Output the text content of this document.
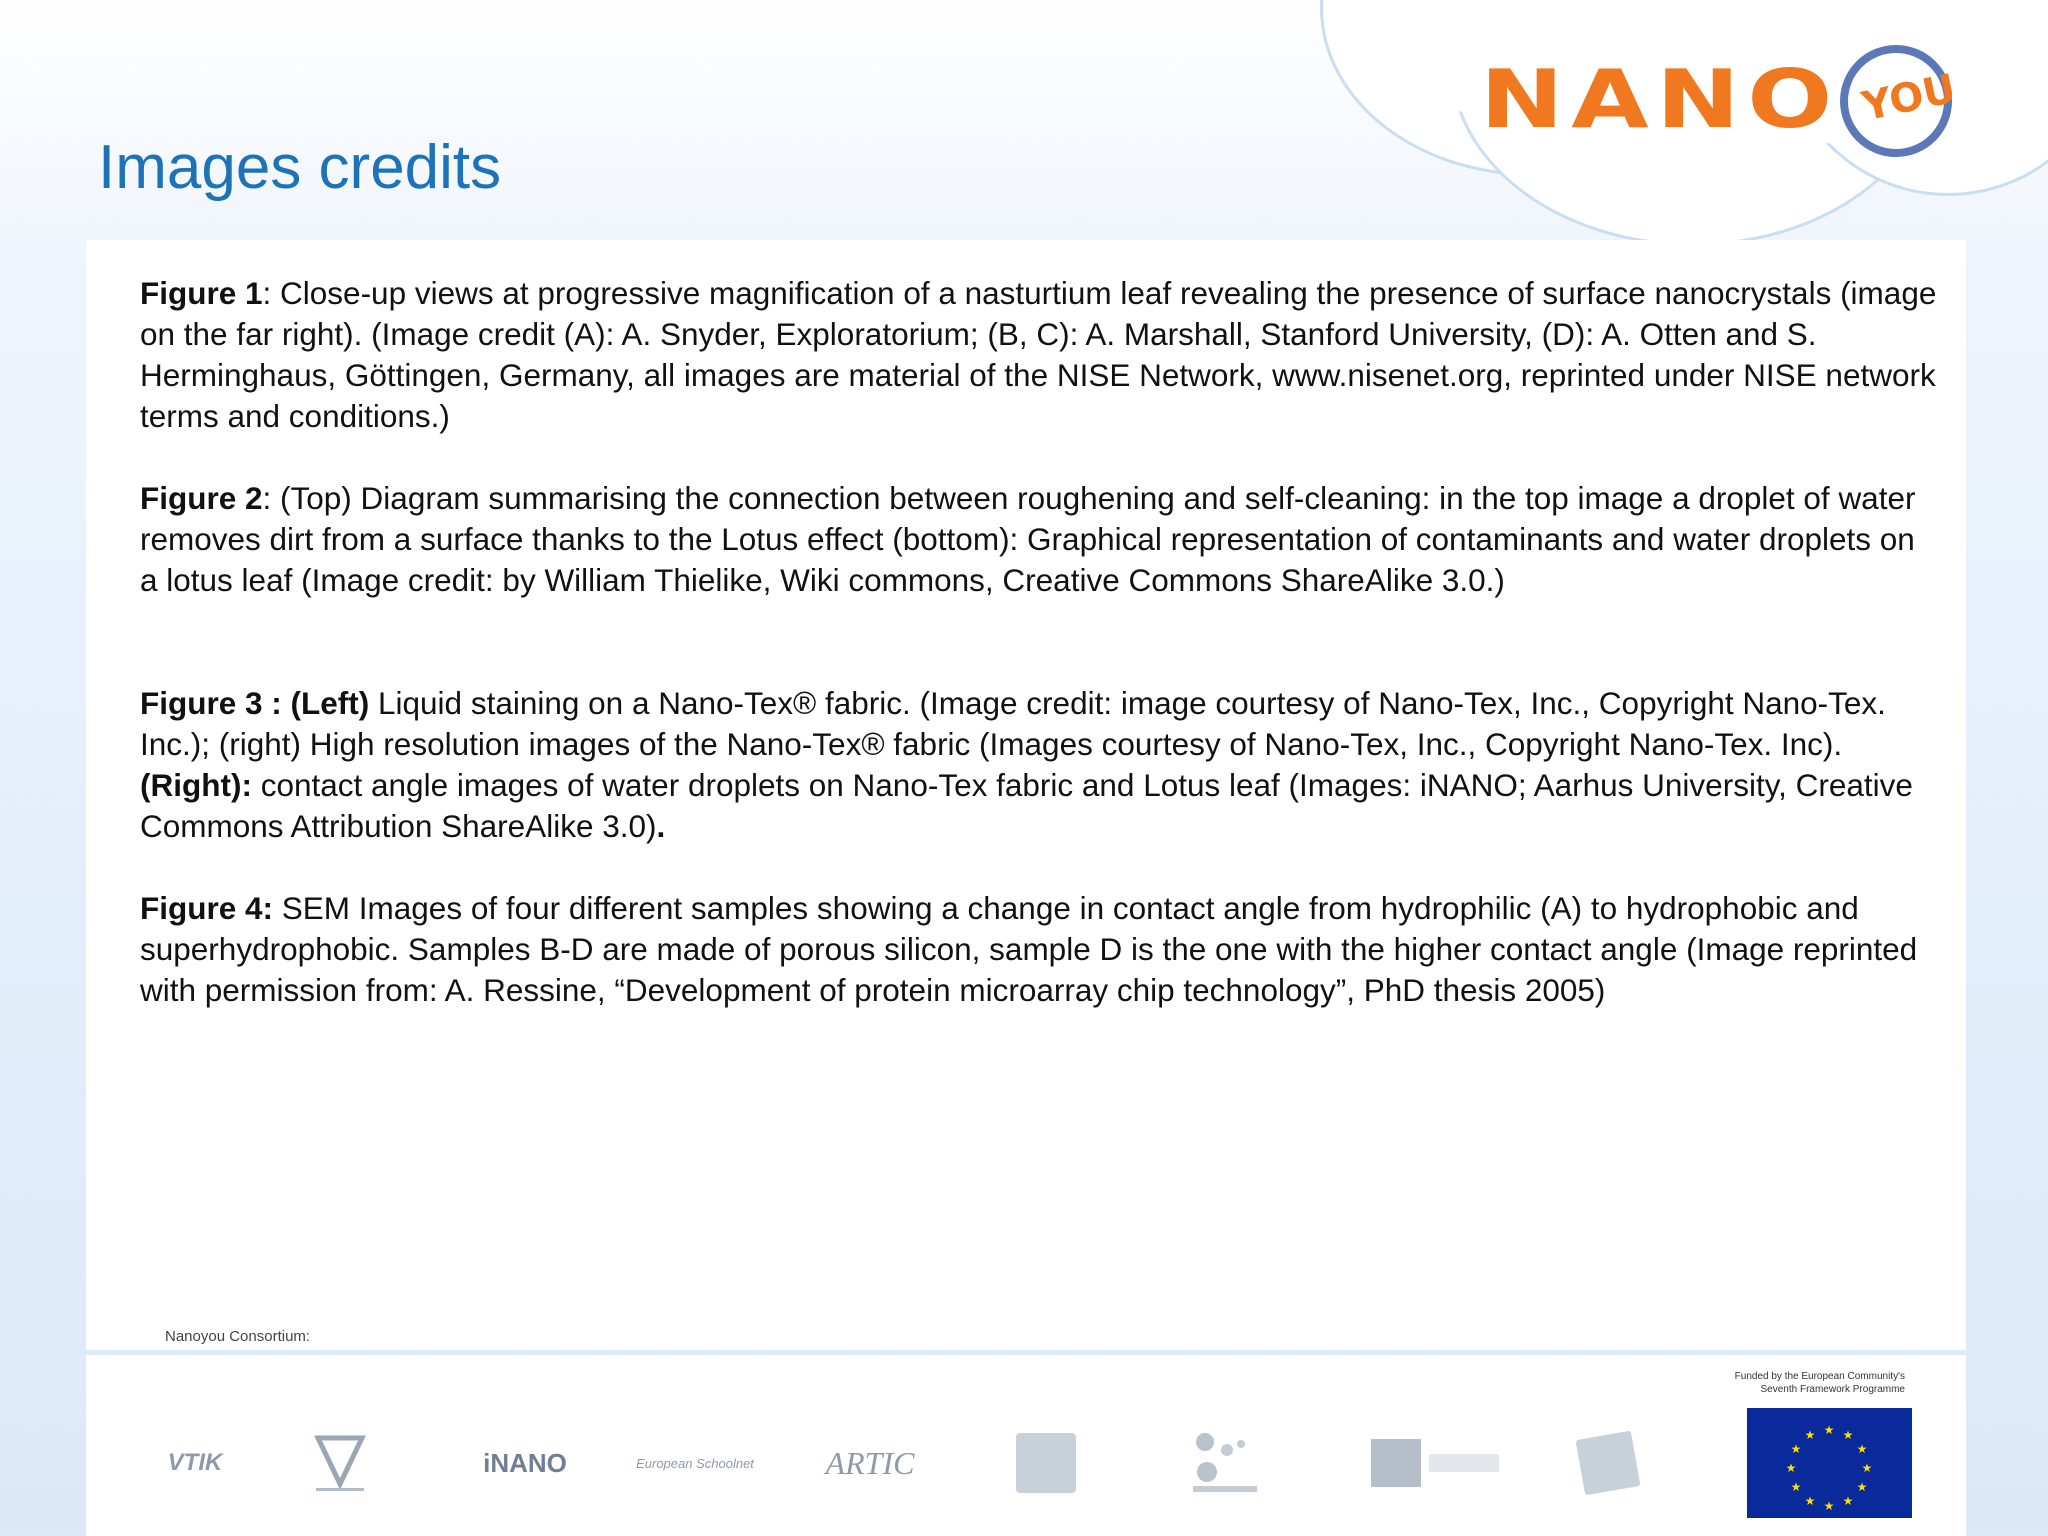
NANO YOU
Images credits

Figure 1: Close-up views at progressive magnification of a nasturtium leaf revealing the presence of surface nanocrystals (image on the far right). (Image credit (A): A. Snyder, Exploratorium; (B, C): A. Marshall, Stanford University, (D): A. Otten and S. Herminghaus, Göttingen, Germany, all images are material of the NISE Network, www.nisenet.org, reprinted under NISE network terms and conditions.)

Figure 2: (Top) Diagram summarising the connection between roughening and self-cleaning: in the top image a droplet of water removes dirt from a surface thanks to the Lotus effect (bottom): Graphical representation of contaminants and water droplets on a lotus leaf (Image credit: by William Thielike, Wiki commons, Creative Commons ShareAlike 3.0.)

Figure 3 : (Left) Liquid staining on a Nano-Tex® fabric. (Image credit: image courtesy of Nano-Tex, Inc., Copyright Nano-Tex. Inc.); (right) High resolution images of the Nano-Tex® fabric (Images courtesy of Nano-Tex, Inc., Copyright Nano-Tex. Inc). (Right): contact angle images of water droplets on Nano-Tex fabric and Lotus leaf (Images: iNANO; Aarhus University, Creative Commons Attribution ShareAlike 3.0).

Figure 4: SEM Images of four different samples showing a change in contact angle from hydrophilic (A) to hydrophobic and superhydrophobic. Samples B-D are made of porous silicon, sample D is the one with the higher contact angle (Image reprinted with permission from: A. Ressine, “Development of protein microarray chip technology”, PhD thesis 2005)

Nanoyou Consortium:
VTIK	iNANO	European Schoolnet ARTIC
Funded by the European Community's Seventh Framework Programme
★ ★
★
★
★
★
★
★
★
★
★
★
